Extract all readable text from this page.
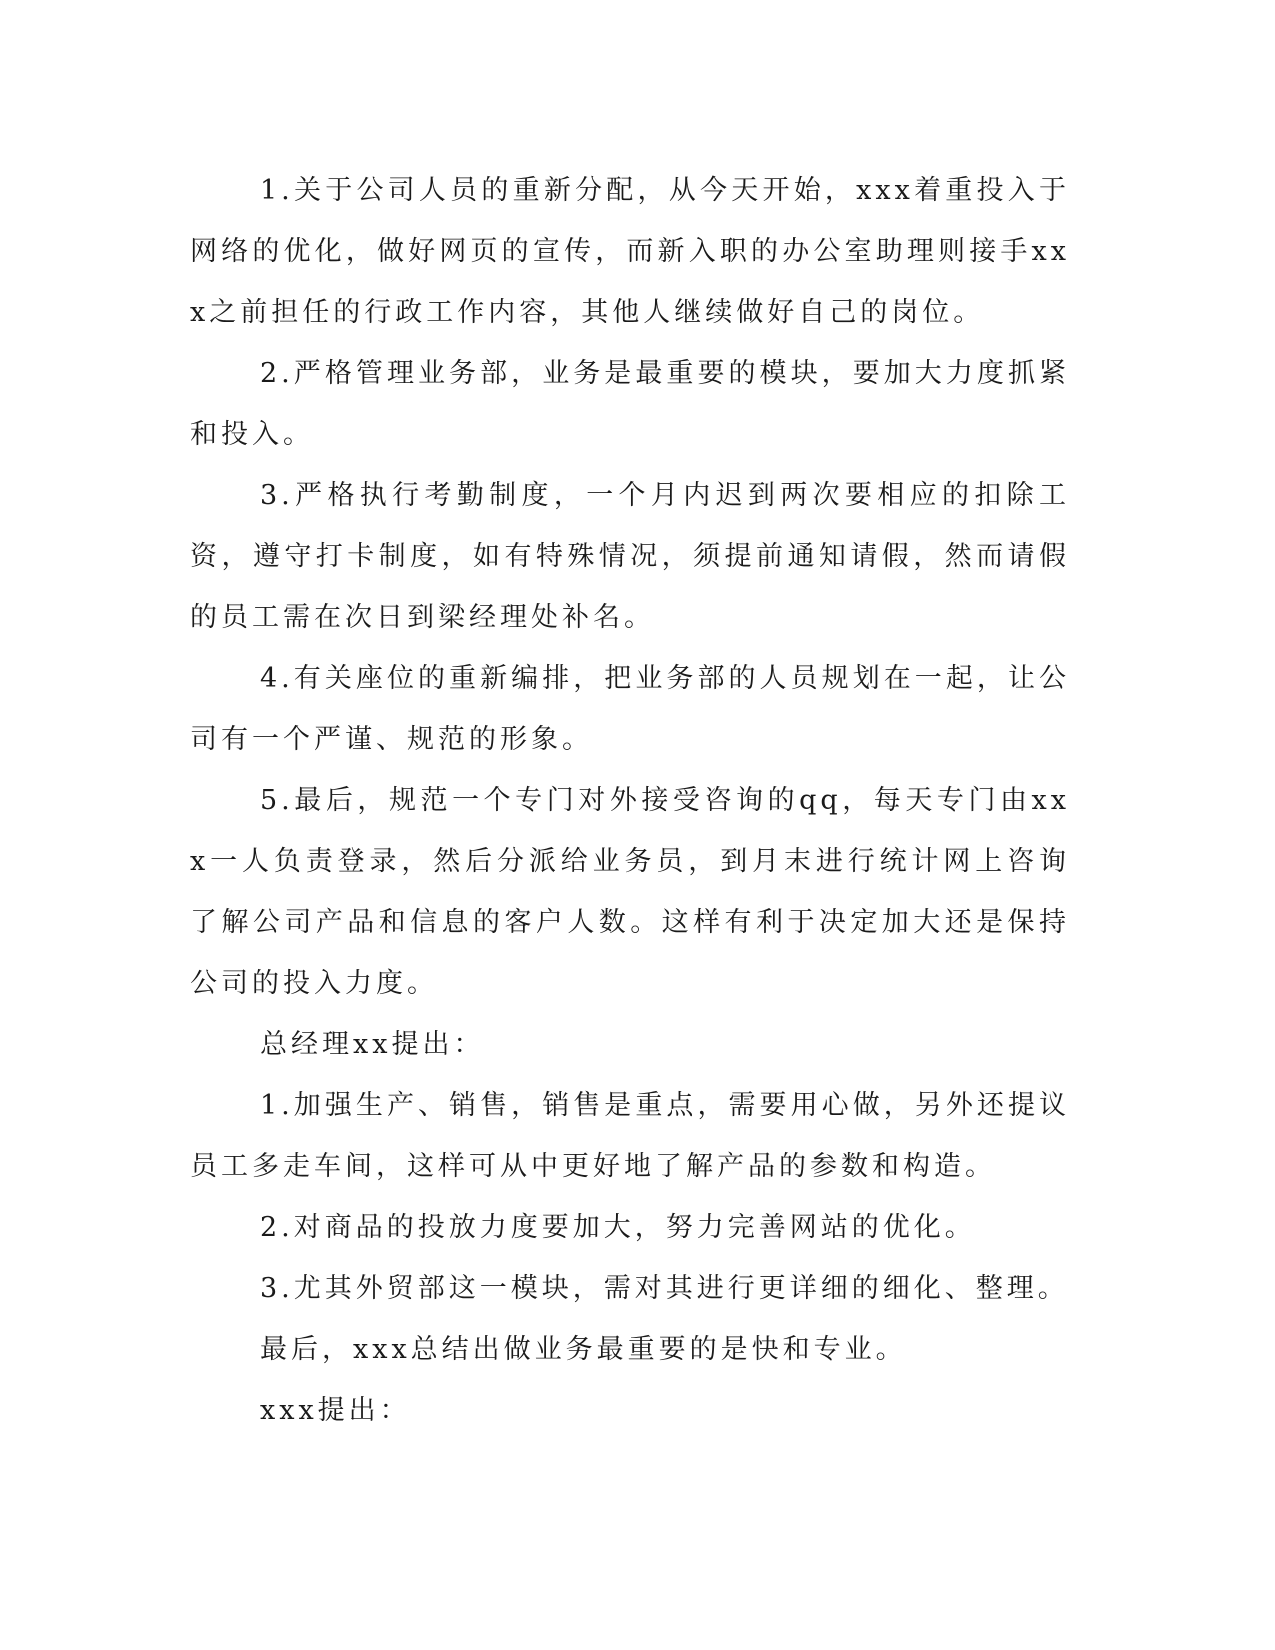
1.关于公司人员的重新分配，从今天开始，xxx着重投入于网络的优化，做好网页的宣传，而新入职的办公室助理则接手xxx之前担任的行政工作内容，其他人继续做好自己的岗位。

2.严格管理业务部，业务是最重要的模块，要加大力度抓紧和投入。

3.严格执行考勤制度，一个月内迟到两次要相应的扣除工资，遵守打卡制度，如有特殊情况，须提前通知请假，然而请假的员工需在次日到梁经理处补名。

4.有关座位的重新编排，把业务部的人员规划在一起，让公司有一个严谨、规范的形象。

5.最后，规范一个专门对外接受咨询的qq，每天专门由xxx一人负责登录，然后分派给业务员，到月末进行统计网上咨询了解公司产品和信息的客户人数。这样有利于决定加大还是保持公司的投入力度。

总经理xx提出：

1.加强生产、销售，销售是重点，需要用心做，另外还提议员工多走车间，这样可从中更好地了解产品的参数和构造。

2.对商品的投放力度要加大，努力完善网站的优化。

3.尤其外贸部这一模块，需对其进行更详细的细化、整理。

最后，xxx总结出做业务最重要的是快和专业。

xxx提出：
